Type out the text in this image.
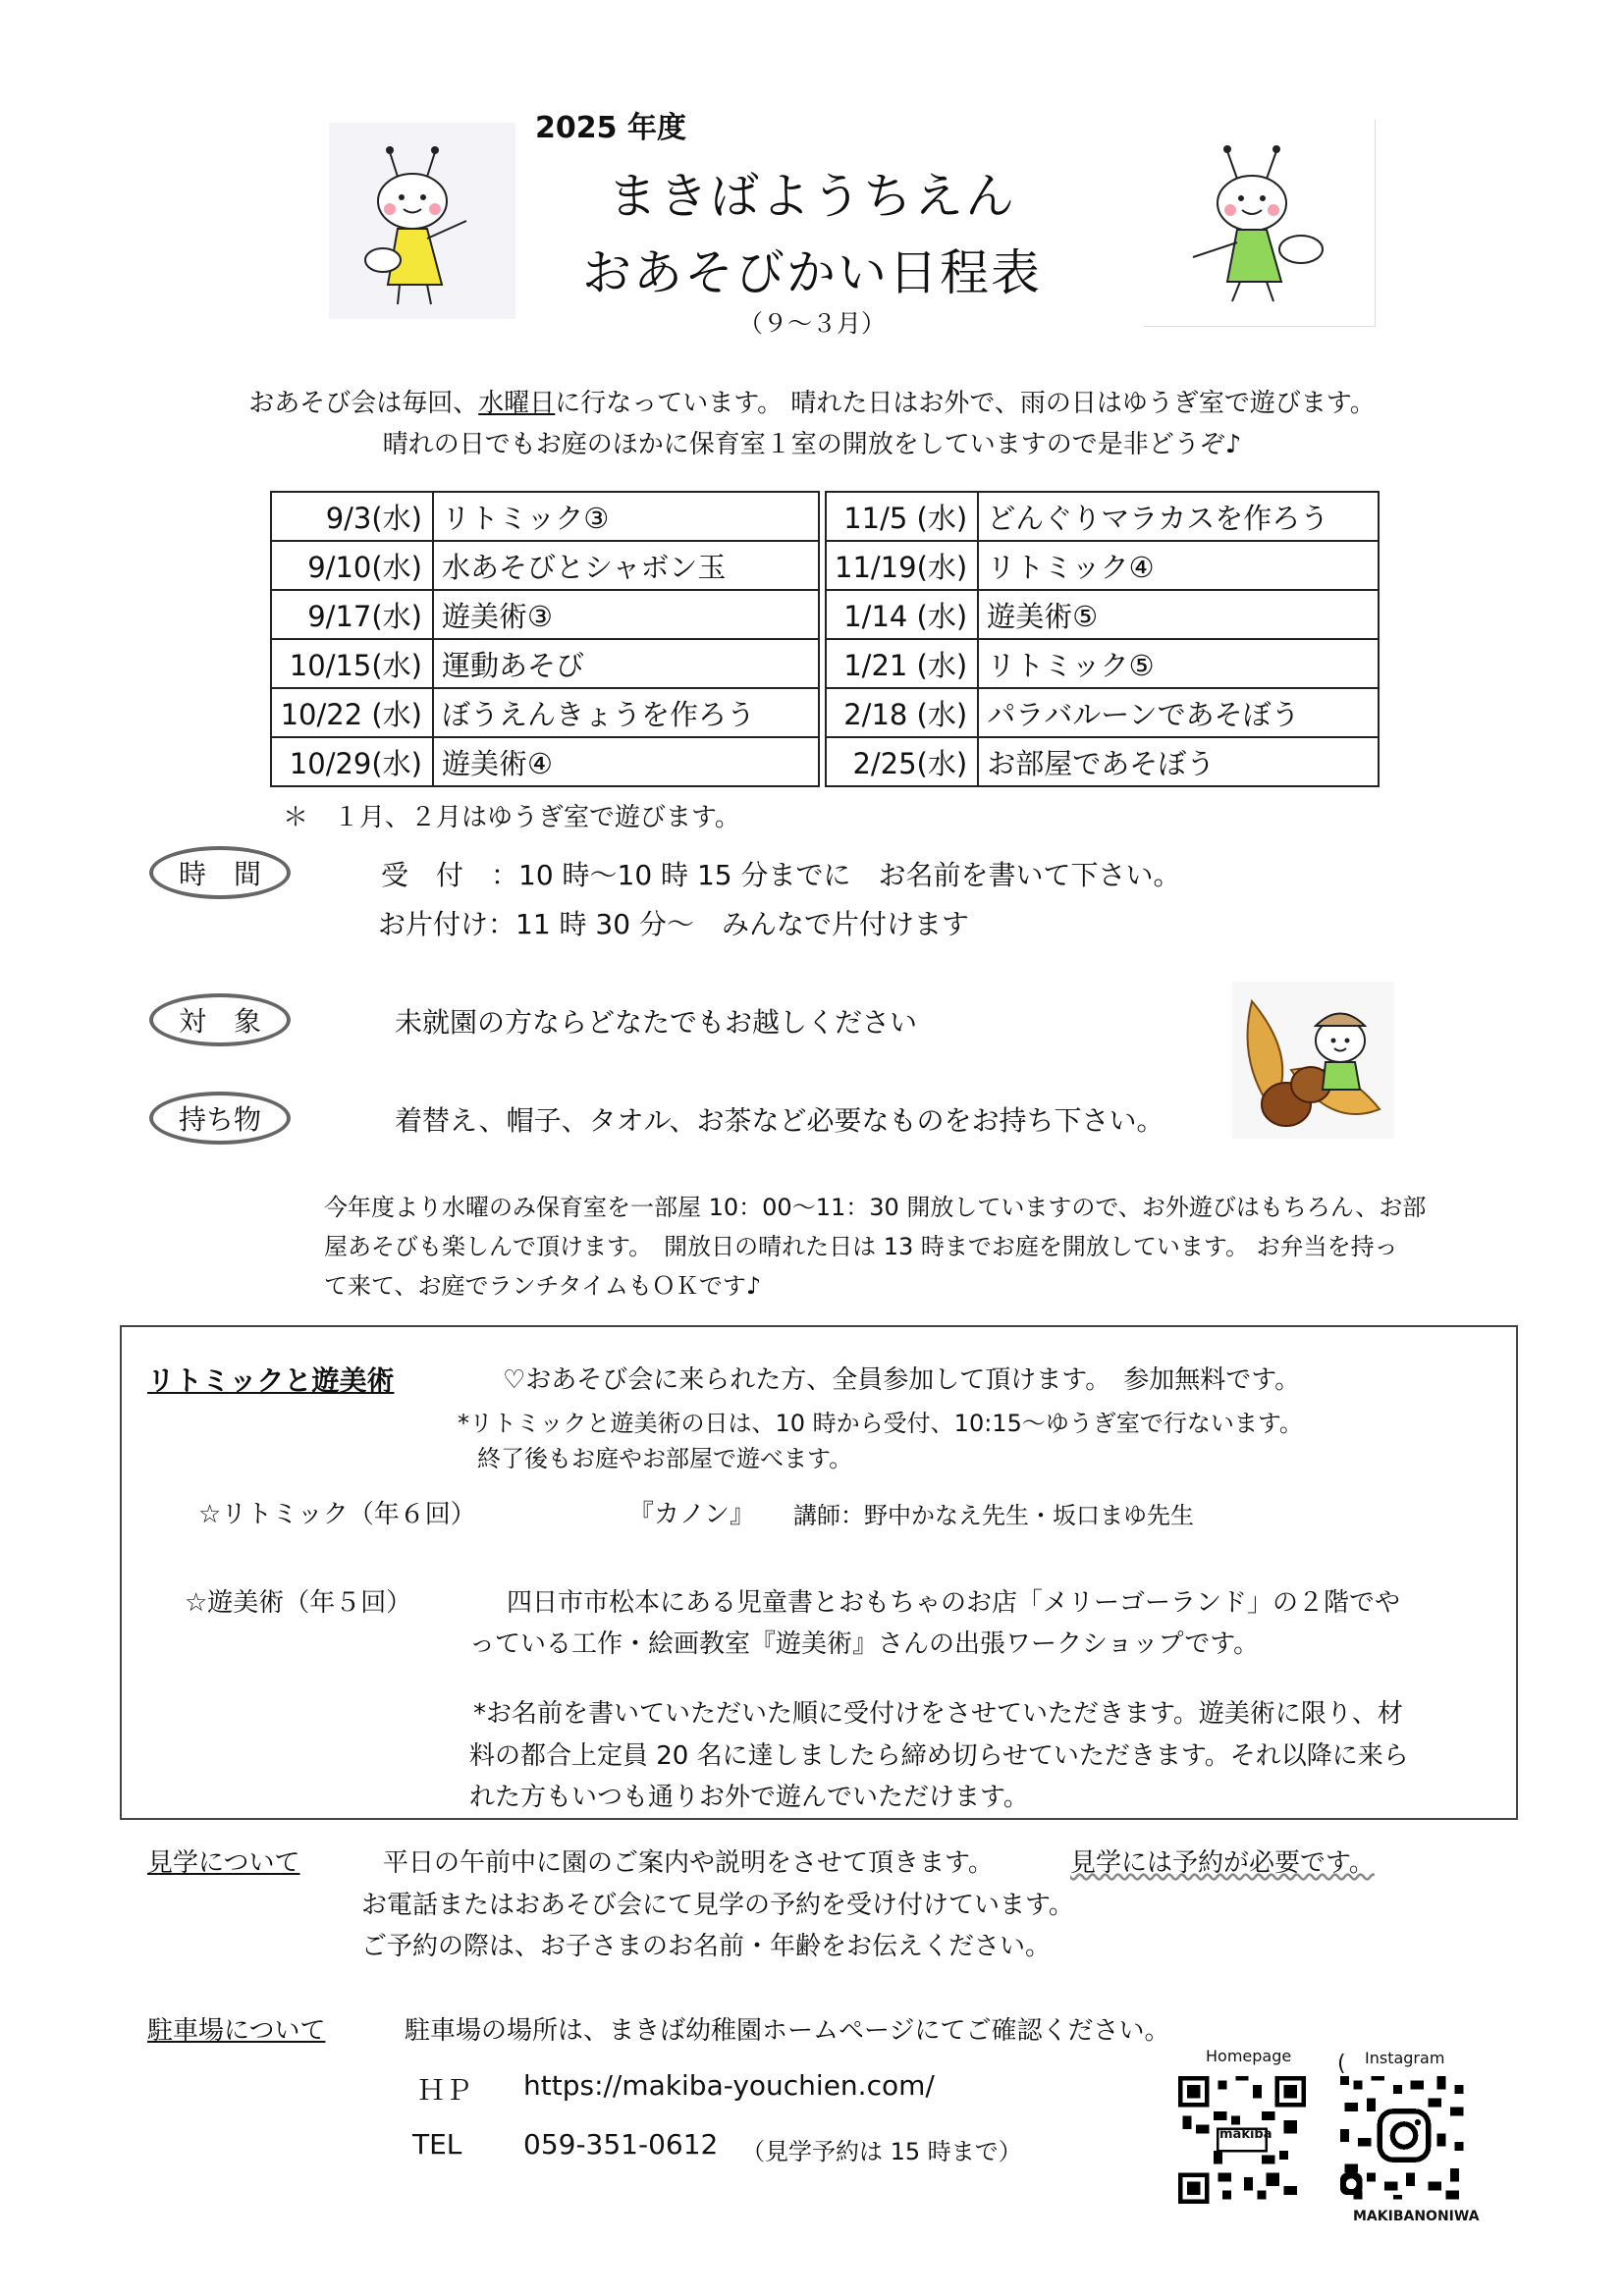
2025 年度
まきばようちえん
おあそびかい日程表
（９～３月）
おあそび会は毎回、水曜日に行なっています。 晴れた日はお外で、雨の日はゆうぎ室で遊びます。
晴れの日でもお庭のほかに保育室１室の開放をしていますので是非どうぞ♪
9/3(水)	リトミック③
9/10(水)	水あそびとシャボン玉
9/17(水)	遊美術③
10/15(水)	運動あそび
10/22 (水)	ぼうえんきょうを作ろう
10/29(水)	遊美術④
11/5 (水)	どんぐりマラカスを作ろう
11/19(水)	リトミック④
1/14 (水)	遊美術⑤
1/21 (水)	リトミック⑤
2/18 (水)	パラバルーンであそぼう
2/25(水)	お部屋であそぼう
＊　１月、２月はゆうぎ室で遊びます。
時　間	受　付　：10 時～10 時 15 分までに　お名前を書いて下さい。
お片付け：11 時 30 分～　みんなで片付けます
対　象	未就園の方ならどなたでもお越しください
持ち物	着替え、帽子、タオル、お茶など必要なものをお持ち下さい。
今年度より水曜のみ保育室を一部屋 10：00～11：30 開放していますので、お外遊びはもちろん、お部
屋あそびも楽しんで頂けます。　開放日の晴れた日は 13 時までお庭を開放しています。 お弁当を持っ
て来て、お庭でランチタイムもＯＫです♪
リトミックと遊美術	♡おあそび会に来られた方、全員参加して頂けます。　参加無料です。
*リトミックと遊美術の日は、10 時から受付、10:15～ゆうぎ室で行ないます。
終了後もお庭やお部屋で遊べます。
☆リトミック（年６回）	『カノン』 講師：野中かなえ先生・坂口まゆ先生
☆遊美術（年５回）	四日市市松本にある児童書とおもちゃのお店「メリーゴーランド」の２階でや
っている工作・絵画教室『遊美術』さんの出張ワークショップです。
*お名前を書いていただいた順に受付けをさせていただきます。遊美術に限り、材
料の都合上定員 20 名に達しましたら締め切らせていただきます。それ以降に来ら
れた方もいつも通りお外で遊んでいただけます。
見学について	平日の午前中に園のご案内や説明をさせて頂きます。	見学には予約が必要です。
お電話またはおあそび会にて見学の予約を受け付けています。
ご予約の際は、お子さまのお名前・年齢をお伝えください。
駐車場について	駐車場の場所は、まきば幼稚園ホームページにてご確認ください。
ＨＰ https://makiba-youchien.com/
TEL 059-351-0612 （見学予約は 15 時まで）
Homepage
makiba
( Instagram
MAKIBANONIWA
